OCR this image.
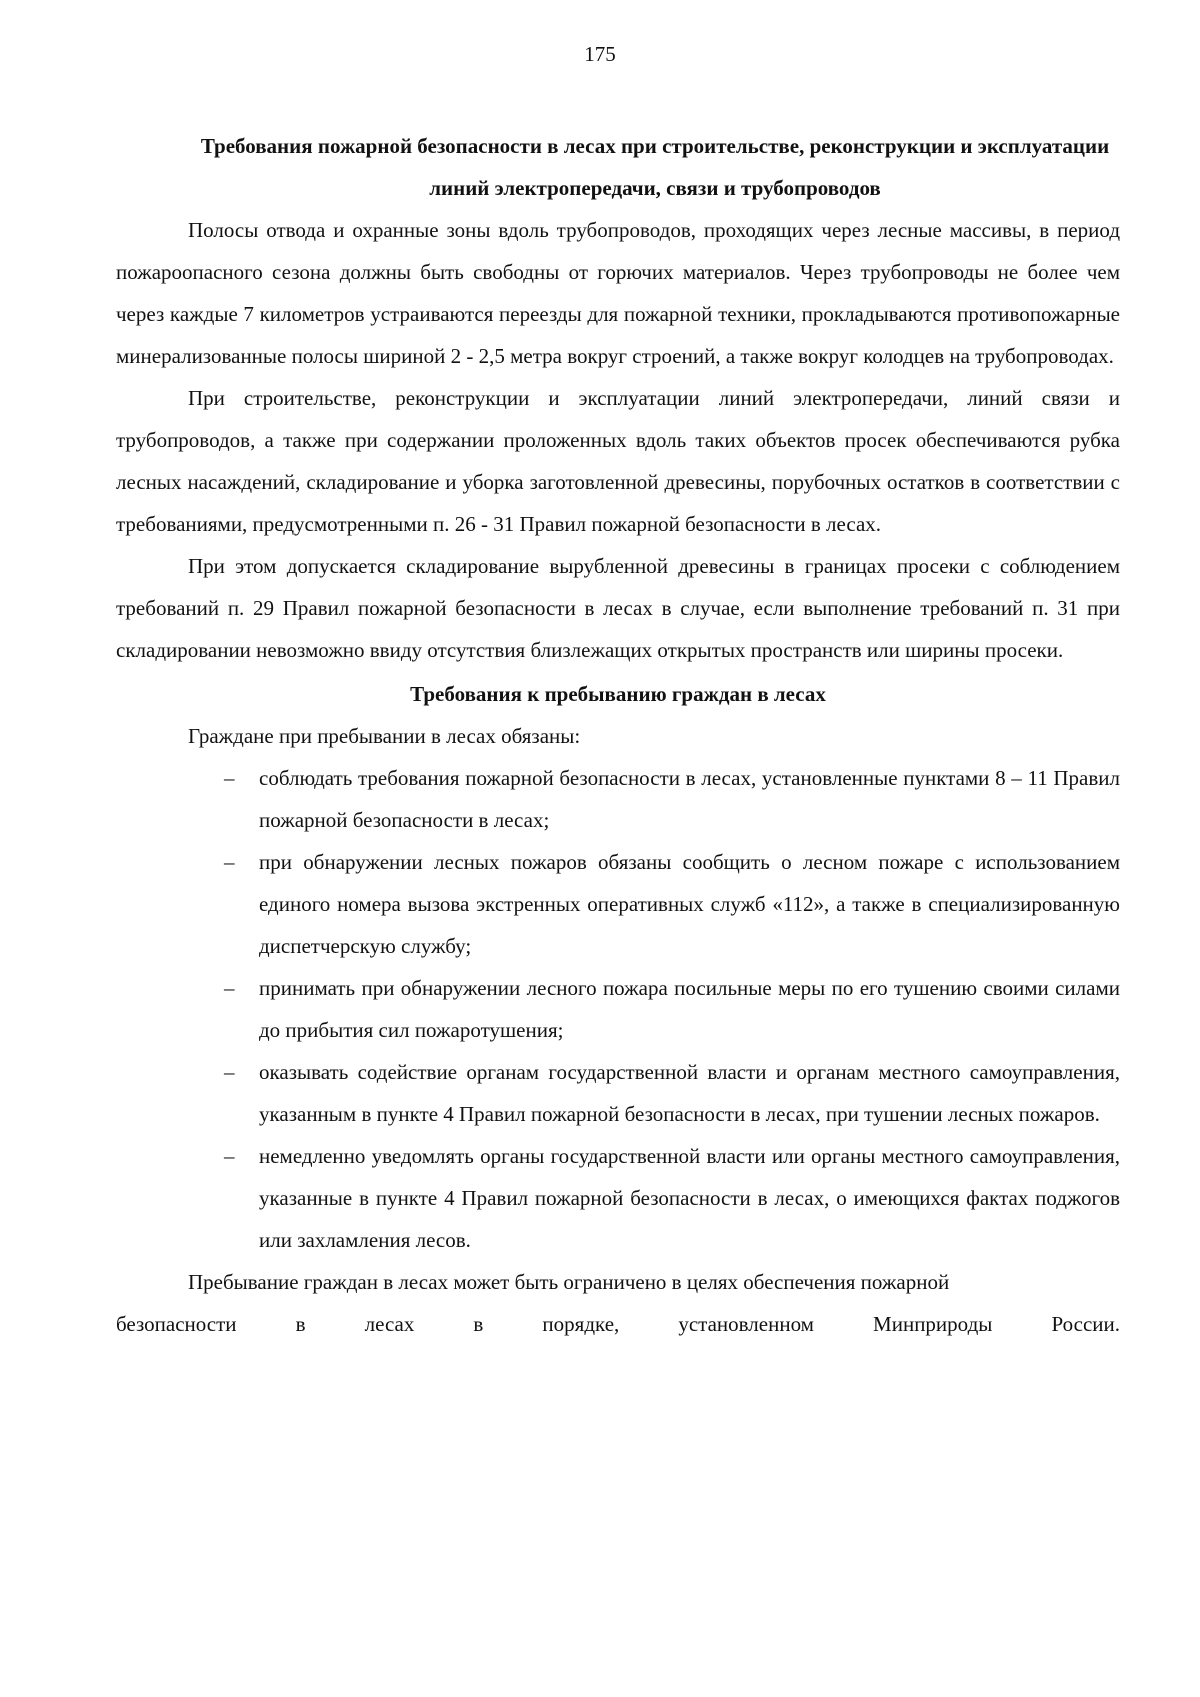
175
Требования пожарной безопасности в лесах при строительстве, реконструкции и эксплуатации линий электропередачи, связи и трубопроводов

Полосы отвода и охранные зоны вдоль трубопроводов, проходящих через лесные массивы, в период пожароопасного сезона должны быть свободны от горючих материалов. Через трубопроводы не более чем через каждые 7 километров устраиваются переезды для пожарной техники, прокладываются противопожарные минерализованные полосы шириной 2 - 2,5 метра вокруг строений, а также вокруг колодцев на трубопроводах.

При строительстве, реконструкции и эксплуатации линий электропередачи, линий связи и трубопроводов, а также при содержании проложенных вдоль таких объектов просек обеспечиваются рубка лесных насаждений, складирование и уборка заготовленной древесины, порубочных остатков в соответствии с требованиями, предусмотренными п. 26 - 31 Правил пожарной безопасности в лесах.

При этом допускается складирование вырубленной древесины в границах просеки с соблюдением требований п. 29 Правил пожарной безопасности в лесах в случае, если выполнение требований п. 31 при складировании невозможно ввиду отсутствия близлежащих открытых пространств или ширины просеки.

Требования к пребыванию граждан в лесах

Граждане при пребывании в лесах обязаны:

– соблюдать требования пожарной безопасности в лесах, установленные пунктами 8 – 11 Правил пожарной безопасности в лесах;
– при обнаружении лесных пожаров обязаны сообщить о лесном пожаре с использованием единого номера вызова экстренных оперативных служб «112», а также в специализированную диспетчерскую службу;
– принимать при обнаружении лесного пожара посильные меры по его тушению своими силами до прибытия сил пожаротушения;
– оказывать содействие органам государственной власти и органам местного самоуправления, указанным в пункте 4 Правил пожарной безопасности в лесах, при тушении лесных пожаров.
– немедленно уведомлять органы государственной власти или органы местного самоуправления, указанные в пункте 4 Правил пожарной безопасности в лесах, о имеющихся фактах поджогов или захламления лесов.

Пребывание граждан в лесах может быть ограничено в целях обеспечения пожарной

безопасности в лесах в порядке, установленном Минприроды России.
